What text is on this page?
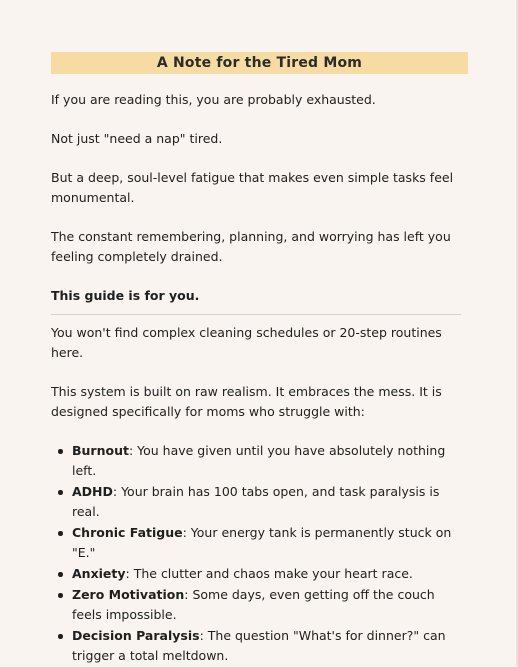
A Note for the Tired Mom

If you are reading this, you are probably exhausted.

Not just "need a nap" tired.

But a deep, soul-level fatigue that makes even simple tasks feel monumental.

The constant remembering, planning, and worrying has left you feeling completely drained.

This guide is for you.

You won't find complex cleaning schedules or 20-step routines here.

This system is built on raw realism. It embraces the mess. It is designed specifically for moms who struggle with:

Burnout: You have given until you have absolutely nothing left.
ADHD: Your brain has 100 tabs open, and task paralysis is real.
Chronic Fatigue: Your energy tank is permanently stuck on "E."
Anxiety: The clutter and chaos make your heart race.
Zero Motivation: Some days, even getting off the couch feels impossible.
Decision Paralysis: The question "What's for dinner?" can trigger a total meltdown.
